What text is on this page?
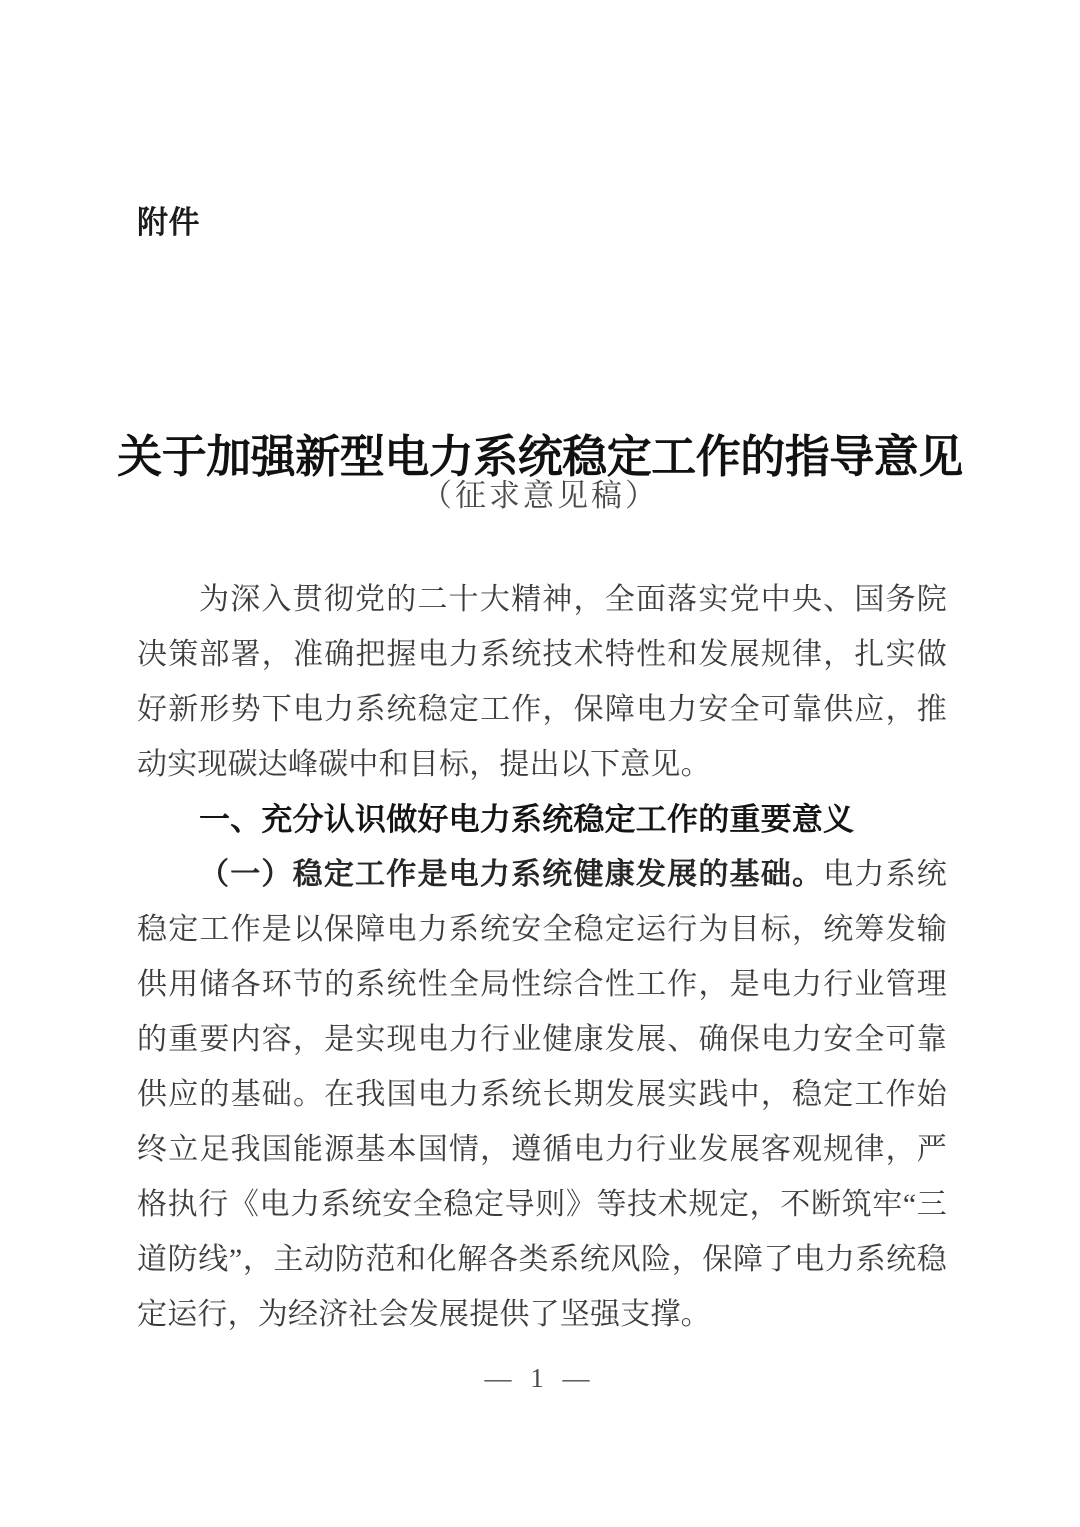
附件
关于加强新型电力系统稳定工作的指导意见
（征求意见稿）

为深入贯彻党的二十大精神，全面落实党中央、国务院决策部署，准确把握电力系统技术特性和发展规律，扎实做好新形势下电力系统稳定工作，保障电力安全可靠供应，推动实现碳达峰碳中和目标，提出以下意见。

一、充分认识做好电力系统稳定工作的重要意义

（一）稳定工作是电力系统健康发展的基础。电力系统稳定工作是以保障电力系统安全稳定运行为目标，统筹发输供用储各环节的系统性全局性综合性工作，是电力行业管理的重要内容，是实现电力行业健康发展、确保电力安全可靠供应的基础。在我国电力系统长期发展实践中，稳定工作始终立足我国能源基本国情，遵循电力行业发展客观规律，严格执行《电力系统安全稳定导则》等技术规定，不断筑牢“三道防线”，主动防范和化解各类系统风险，保障了电力系统稳定运行，为经济社会发展提供了坚强支撑。

— 1 —
